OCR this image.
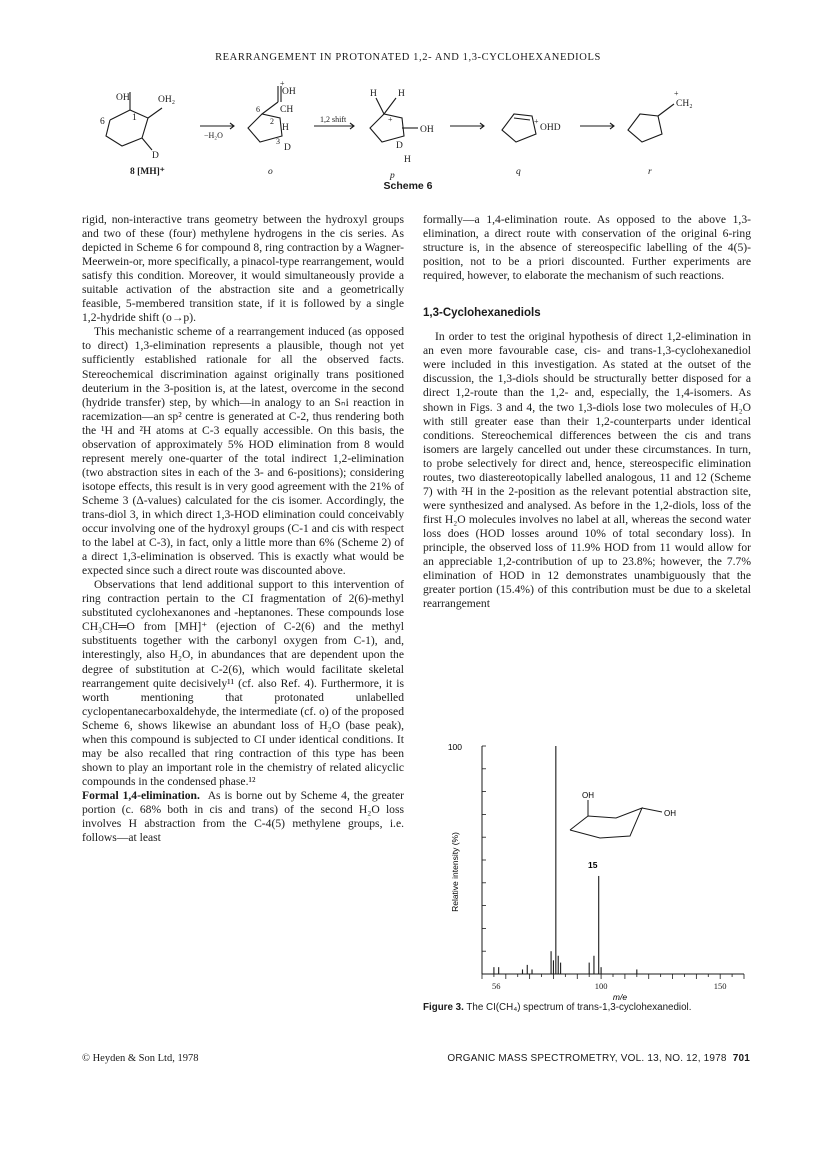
REARRANGEMENT IN PROTONATED 1,2- AND 1,3-CYCLOHEXANEDIOLS
OH	OH₂
6	1
D
8 [MH]⁺
−H₂O
+
OH
CH
6
2
H
3
D
o
1,2 shift
H H
+
D
OH
H
p
+
OHD
q
+
CH₂
r
Scheme 6

rigid, non-interactive trans geometry between the hydroxyl groups and two of these (four) methylene hydrogens in the cis series. As depicted in Scheme 6 for compound 8, ring contraction by a Wagner-Meerwein-or, more specifically, a pinacol-type rearrangement, would satisfy this condition. Moreover, it would simultaneously provide a suitable activation of the abstraction site and a geometrically feasible, 5-membered transition state, if it is followed by a single 1,2-hydride shift (o→p).

This mechanistic scheme of a rearrangement induced (as opposed to direct) 1,3-elimination represents a plausible, though not yet sufficiently established rationale for all the observed facts. Stereochemical discrimination against originally trans positioned deuterium in the 3-position is, at the latest, overcome in the second (hydride transfer) step, by which—in analogy to an Sₙi reaction in racemization—an sp² centre is generated at C-2, thus rendering both the ¹H and ²H atoms at C-3 equally accessible. On this basis, the observation of approximately 5% HOD elimination from 8 would represent merely one-quarter of the total indirect 1,2-elimination (two abstraction sites in each of the 3- and 6-positions); considering isotope effects, this result is in very good agreement with the 21% of Scheme 3 (Δ-values) calculated for the cis isomer. Accordingly, the trans-diol 3, in which direct 1,3-HOD elimination could conceivably occur involving one of the hydroxyl groups (C-1 and cis with respect to the label at C-3), in fact, only a little more than 6% (Scheme 2) of a direct 1,3-elimination is observed. This is exactly what would be expected since such a direct route was discounted above.

Observations that lend additional support to this intervention of ring contraction pertain to the CI fragmentation of 2(6)-methyl substituted cyclohexanones and -heptanones. These compounds lose CH₃CH═O from [MH]⁺ (ejection of C-2(6) and the methyl substituents together with the carbonyl oxygen from C-1), and, interestingly, also H₂O, in abundances that are dependent upon the degree of substitution at C-2(6), which would facilitate skeletal rearrangement quite decisively¹¹ (cf. also Ref. 4). Furthermore, it is worth mentioning that protonated unlabelled cyclopentanecarboxaldehyde, the intermediate (cf. o) of the proposed Scheme 6, shows likewise an abundant loss of H₂O (base peak), when this compound is subjected to CI under identical conditions. It may be also recalled that ring contraction of this type has been shown to play an important role in the chemistry of related alicyclic compounds in the condensed phase.¹²

Formal 1,4-elimination. As is borne out by Scheme 4, the greater portion (c. 68% both in cis and trans) of the second H₂O loss involves H abstraction from the C-4(5) methylene groups, i.e. follows—at least

formally—a 1,4-elimination route. As opposed to the above 1,3-elimination, a direct route with conservation of the original 6-ring structure is, in the absence of stereospecific labelling of the 4(5)-position, not to be a priori discounted. Further experiments are required, however, to elaborate the mechanism of such reactions.

1,3-Cyclohexanediols

In order to test the original hypothesis of direct 1,2-elimination in an even more favourable case, cis- and trans-1,3-cyclohexanediol were included in this investigation. As stated at the outset of the discussion, the 1,3-diols should be structurally better disposed for a direct 1,2-route than the 1,2- and, especially, the 1,4-isomers. As shown in Figs. 3 and 4, the two 1,3-diols lose two molecules of H₂O with still greater ease than their 1,2-counterparts under identical conditions. Stereochemical differences between the cis and trans isomers are largely cancelled out under these circumstances. In turn, to probe selectively for direct and, hence, stereospecific elimination routes, two diastereotopically labelled analogous, 11 and 12 (Scheme 7) with ²H in the 2-position as the relevant potential abstraction site, were synthesized and analysed. As before in the 1,2-diols, loss of the first H₂O molecules involves no label at all, whereas the second water loss does (HOD losses around 10% of total secondary loss). In principle, the observed loss of 11.9% HOD from 11 would allow for an appreciable 1,2-contribution of up to 23.8%; however, the 7.7% elimination of HOD in 12 demonstrates unambiguously that the greater portion (15.4%) of this contribution must be due to a skeletal rearrangement

56	100	150
100
Relative intensity (%)
m/e
OH
OH
15
Figure 3. The CI(CH₄) spectrum of trans-1,3-cyclohexanediol.
© Heyden & Son Ltd, 1978	ORGANIC MASS SPECTROMETRY, VOL. 13, NO. 12, 1978 701
